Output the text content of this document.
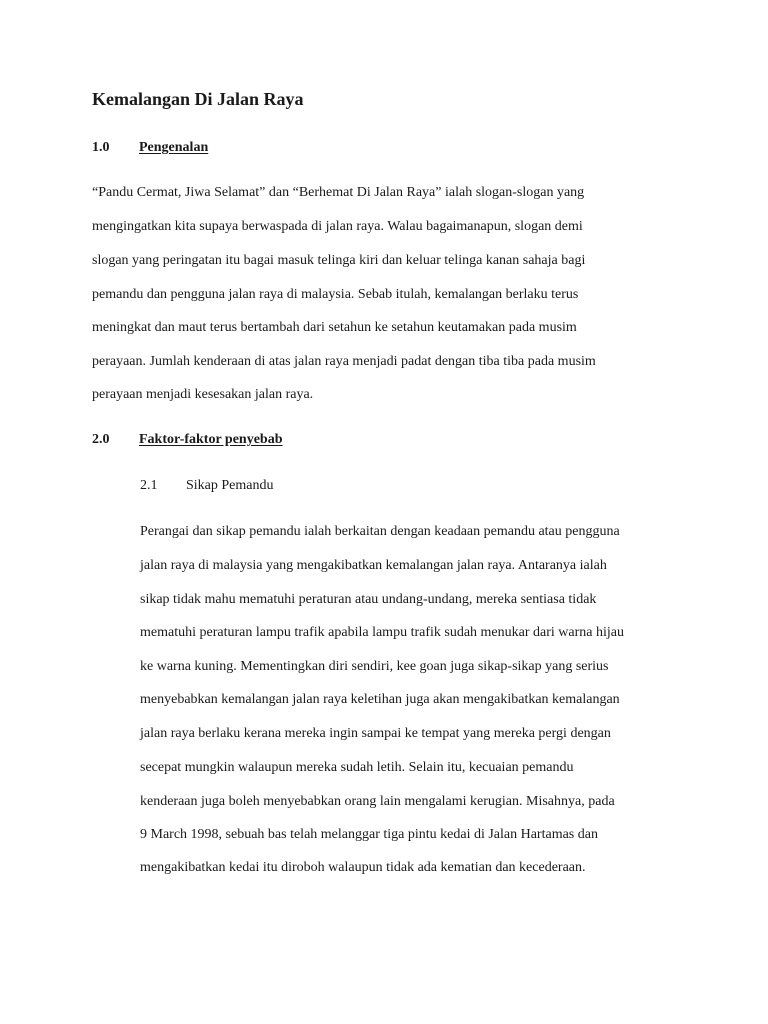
Kemalangan Di Jalan Raya
1.0 Pengenalan
“Pandu Cermat, Jiwa Selamat” dan “Berhemat Di Jalan Raya” ialah slogan-slogan yang
mengingatkan kita supaya berwaspada di jalan raya. Walau bagaimanapun, slogan demi
slogan yang peringatan itu bagai masuk telinga kiri dan keluar telinga kanan sahaja bagi
pemandu dan pengguna jalan raya di malaysia. Sebab itulah, kemalangan berlaku terus
meningkat dan maut terus bertambah dari setahun ke setahun keutamakan pada musim
perayaan. Jumlah kenderaan di atas jalan raya menjadi padat dengan tiba tiba pada musim
perayaan menjadi kesesakan jalan raya.
2.0 Faktor-faktor penyebab
2.1 Sikap Pemandu
Perangai dan sikap pemandu ialah berkaitan dengan keadaan pemandu atau pengguna
jalan raya di malaysia yang mengakibatkan kemalangan jalan raya. Antaranya ialah
sikap tidak mahu mematuhi peraturan atau undang-undang, mereka sentiasa tidak
mematuhi peraturan lampu trafik apabila lampu trafik sudah menukar dari warna hijau
ke warna kuning. Mementingkan diri sendiri, kee goan juga sikap-sikap yang serius
menyebabkan kemalangan jalan raya keletihan juga akan mengakibatkan kemalangan
jalan raya berlaku kerana mereka ingin sampai ke tempat yang mereka pergi dengan
secepat mungkin walaupun mereka sudah letih. Selain itu, kecuaian pemandu
kenderaan juga boleh menyebabkan orang lain mengalami kerugian. Misahnya, pada
9 March 1998, sebuah bas telah melanggar tiga pintu kedai di Jalan Hartamas dan
mengakibatkan kedai itu diroboh walaupun tidak ada kematian dan kecederaan.
